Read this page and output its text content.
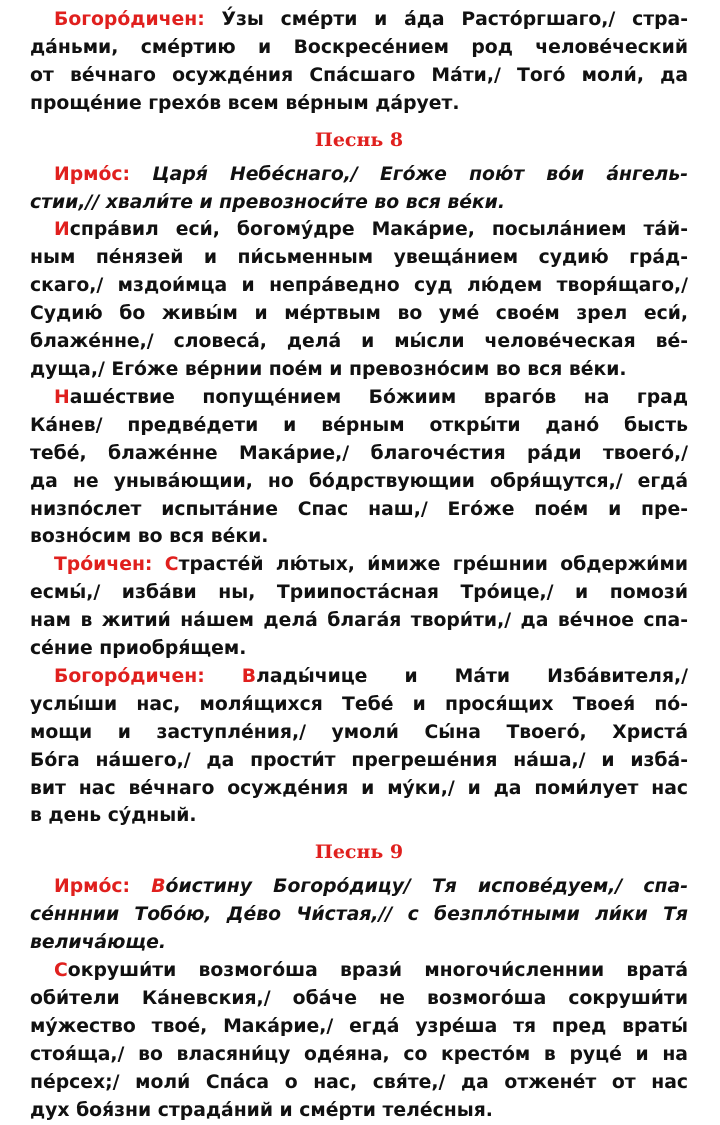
Богоро́дичен: У́зы сме́рти и а́да Расто́ргшаго,/ стра-
да́ньми, сме́ртию и Воскресе́нием род челове́ческий
от ве́чнаго осужде́ния Спа́сшаго Ма́ти,/ Того́ моли́, да
проще́ние грехо́в всем ве́рным да́рует.
Песнь 8
Ирмо́с: Царя́ Небе́снаго,/ Его́же пою́т во́и а́нгель-
стии,// хвали́те и превозноси́те во вся ве́ки.
Испра́вил еси́, богому́дре Мака́рие, посыла́нием та́й-
ным пе́нязей и пи́сьменным увеща́нием судию́ гра́д-
скаго,/ мздои́мца и непра́ведно суд лю́дем творя́щаго,/
Судию́ бо живы́м и ме́ртвым во уме́ свое́м зрел еси́,
блаже́нне,/ словеса́, дела́ и мы́сли челове́ческая ве́-
дуща,/ Его́же ве́рнии пое́м и превозно́сим во вся ве́ки.
Наше́ствие попуще́нием Бо́жиим враго́в на град
Ка́нев/ предве́дети и ве́рным откры́ти дано́ бысть
тебе́, блаже́нне Мака́рие,/ благоче́стия ра́ди твоего́,/
да не уныва́ющии, но бо́дрствующии обря́щутся,/ егда́
низпо́слет испыта́ние Спас наш,/ Его́же пое́м и пре-
возно́сим во вся ве́ки.
Тро́ичен: Страсте́й лю́тых, и́миже гре́шнии обдержи́ми
есмы́,/ изба́ви ны, Триипоста́сная Тро́ице,/ и помози́
нам в житии́ на́шем дела́ блага́я твори́ти,/ да ве́чное спа-
се́ние приобря́щем.
Богоро́дичен: Влады́чице и Ма́ти Изба́вителя,/
услы́ши нас, моля́щихся Тебе́ и прося́щих Твоея́ по́-
мощи и заступле́ния,/ умоли́ Сы́на Твоего́, Христа́
Бо́га на́шего,/ да прости́т прегреше́ния на́ша,/ и изба́-
вит нас ве́чнаго осужде́ния и му́ки,/ и да поми́лует нас
в день су́дный.
Песнь 9
Ирмо́с: Во́истину Богоро́дицу/ Тя испове́дуем,/ спа-
се́нннии Тобо́ю, Де́во Чи́стая,// с безпло́тными ли́ки Тя
велича́юще.
Сокруши́ти возмого́ша врази́ многочи́сленнии врата́
оби́тели Ка́невския,/ оба́че не возмого́ша сокруши́ти
му́жество твое́, Мака́рие,/ егда́ узре́ша тя пред враты́
стоя́ща,/ во власяни́цу оде́яна, со кресто́м в руце́ и на
пе́рсех;/ моли́ Спа́са о нас, свя́те,/ да отжене́т от нас
дух боя́зни страда́ний и сме́рти теле́сныя.
